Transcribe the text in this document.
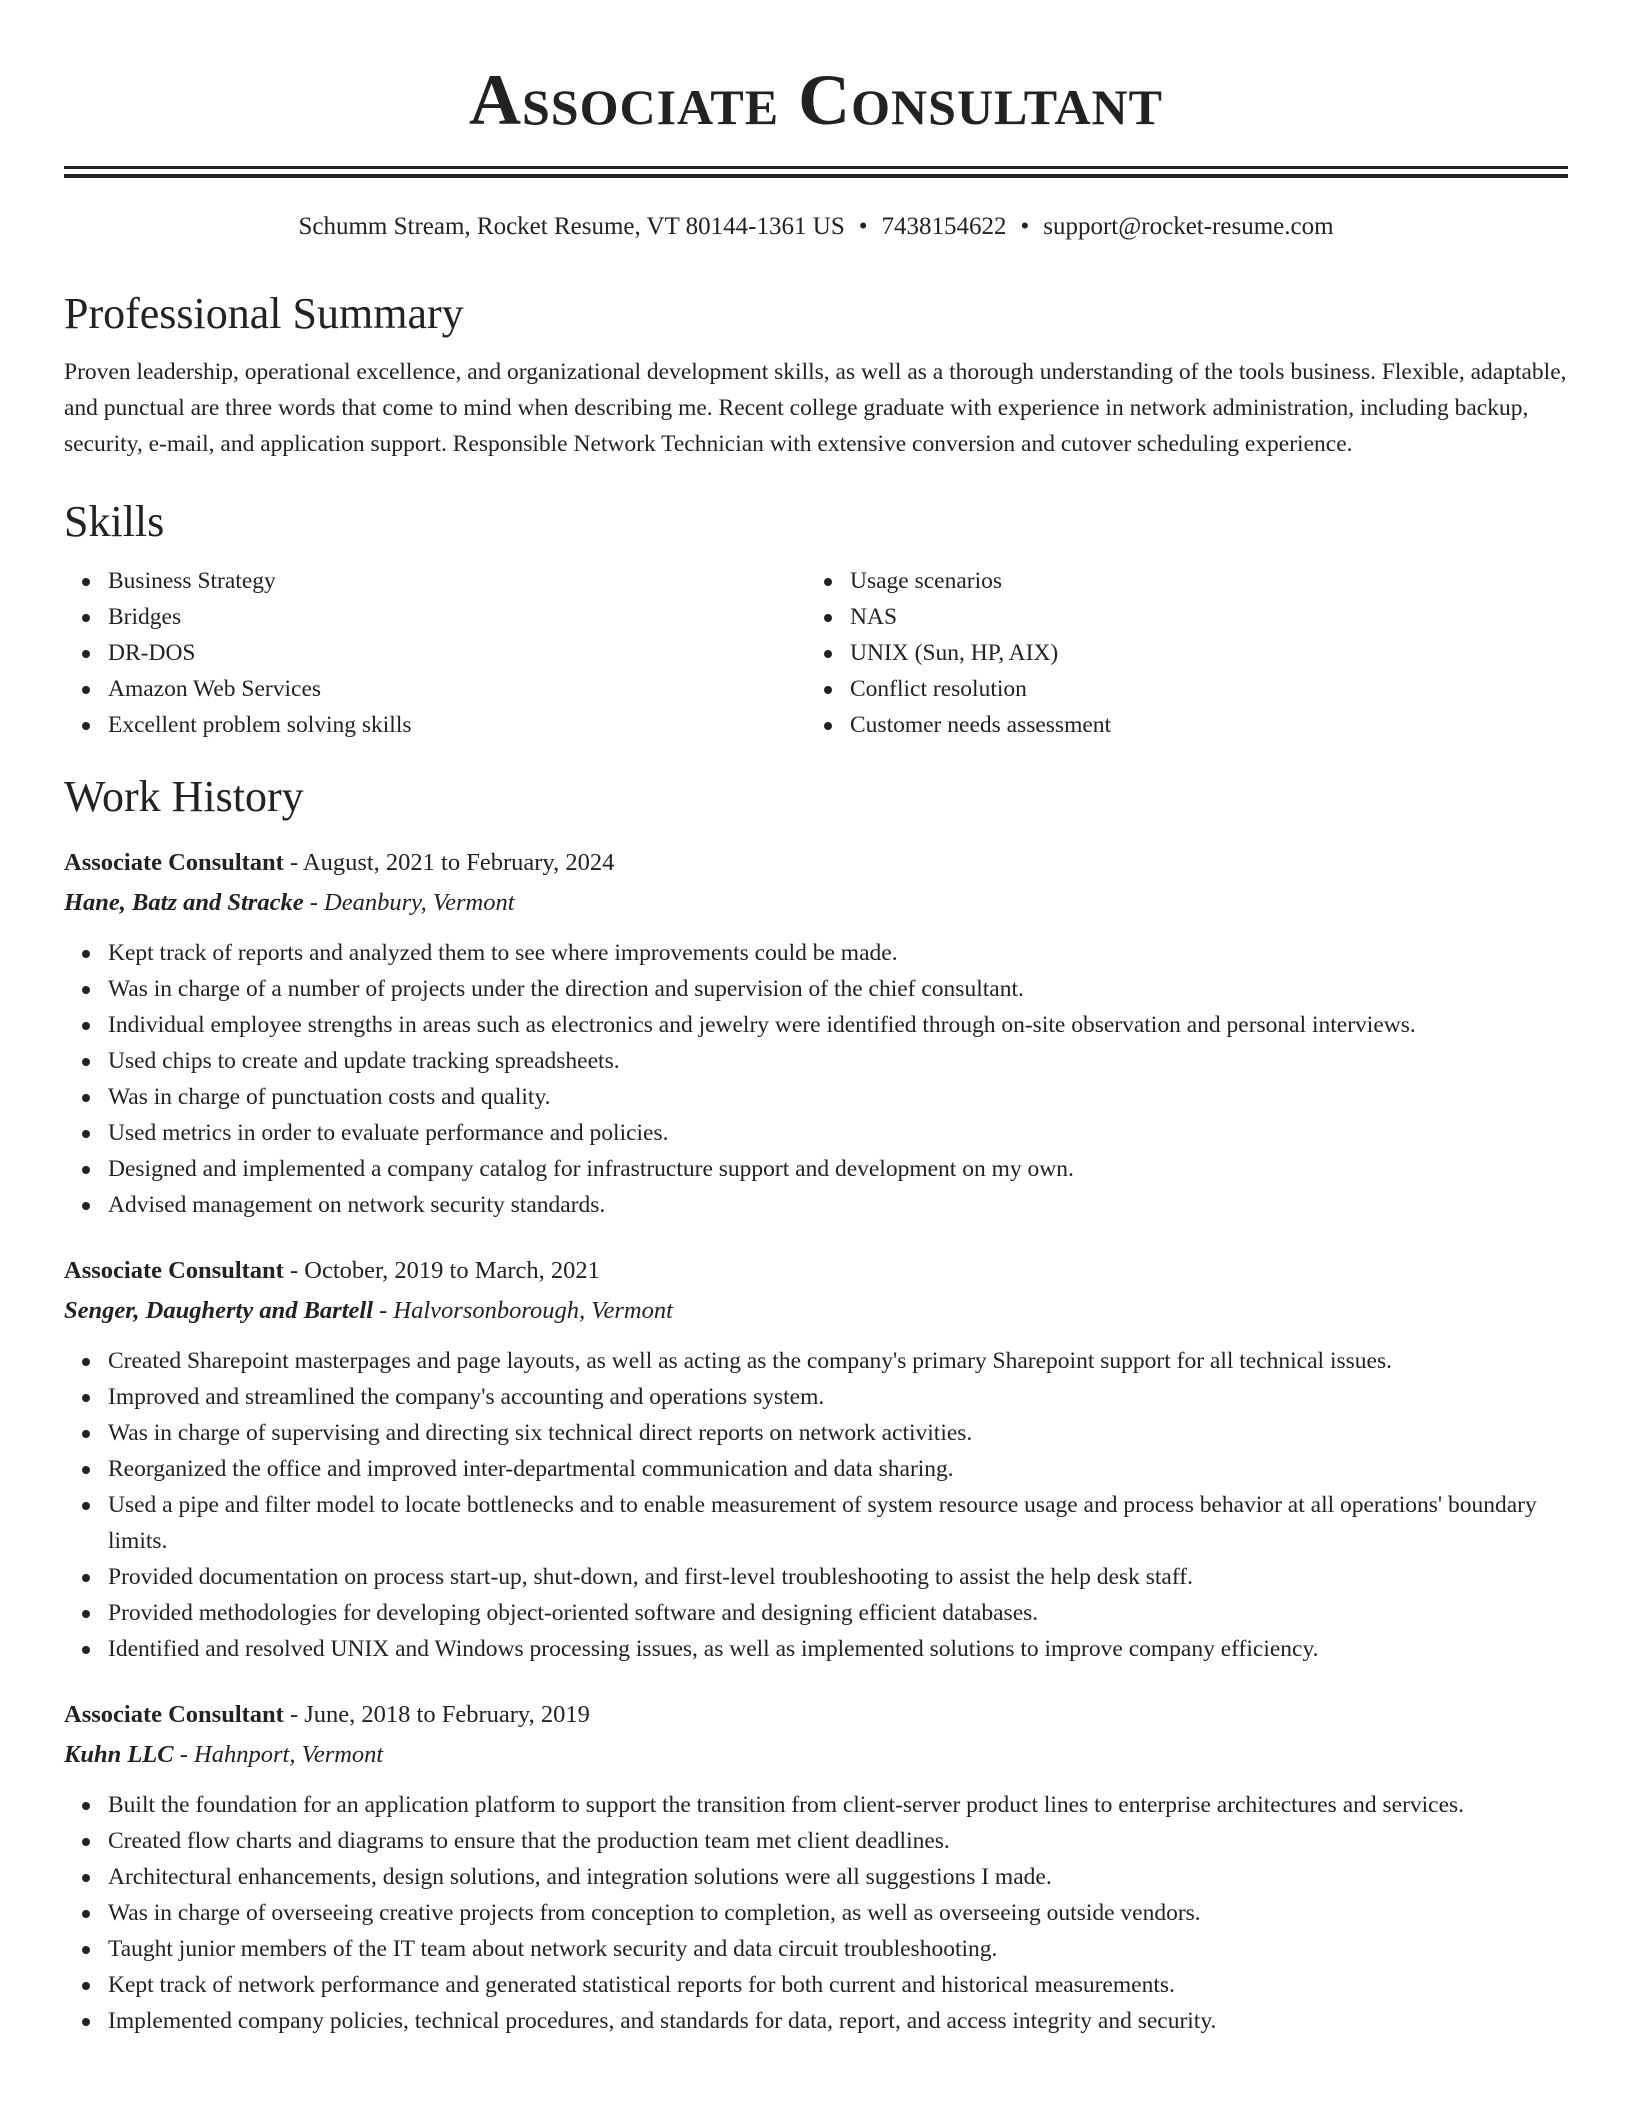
Associate Consultant
Schumm Stream, Rocket Resume, VT 80144-1361 US • 7438154622 • support@rocket-resume.com
Professional Summary

Proven leadership, operational excellence, and organizational development skills, as well as a thorough understanding of the tools business. Flexible, adaptable, and punctual are three words that come to mind when describing me. Recent college graduate with experience in network administration, including backup, security, e-mail, and application support. Responsible Network Technician with extensive conversion and cutover scheduling experience.

Skills
Business Strategy
Bridges
DR-DOS
Amazon Web Services
Excellent problem solving skills
Usage scenarios
NAS
UNIX (Sun, HP, AIX)
Conflict resolution
Customer needs assessment
Work History
Associate Consultant - August, 2021 to February, 2024
Hane, Batz and Stracke - Deanbury, Vermont
Kept track of reports and analyzed them to see where improvements could be made.
Was in charge of a number of projects under the direction and supervision of the chief consultant.
Individual employee strengths in areas such as electronics and jewelry were identified through on-site observation and personal interviews.
Used chips to create and update tracking spreadsheets.
Was in charge of punctuation costs and quality.
Used metrics in order to evaluate performance and policies.
Designed and implemented a company catalog for infrastructure support and development on my own.
Advised management on network security standards.
Associate Consultant - October, 2019 to March, 2021
Senger, Daugherty and Bartell - Halvorsonborough, Vermont
Created Sharepoint masterpages and page layouts, as well as acting as the company's primary Sharepoint support for all technical issues.
Improved and streamlined the company's accounting and operations system.
Was in charge of supervising and directing six technical direct reports on network activities.
Reorganized the office and improved inter-departmental communication and data sharing.
Used a pipe and filter model to locate bottlenecks and to enable measurement of system resource usage and process behavior at all operations' boundary limits.
Provided documentation on process start-up, shut-down, and first-level troubleshooting to assist the help desk staff.
Provided methodologies for developing object-oriented software and designing efficient databases.
Identified and resolved UNIX and Windows processing issues, as well as implemented solutions to improve company efficiency.
Associate Consultant - June, 2018 to February, 2019
Kuhn LLC - Hahnport, Vermont
Built the foundation for an application platform to support the transition from client-server product lines to enterprise architectures and services.
Created flow charts and diagrams to ensure that the production team met client deadlines.
Architectural enhancements, design solutions, and integration solutions were all suggestions I made.
Was in charge of overseeing creative projects from conception to completion, as well as overseeing outside vendors.
Taught junior members of the IT team about network security and data circuit troubleshooting.
Kept track of network performance and generated statistical reports for both current and historical measurements.
Implemented company policies, technical procedures, and standards for data, report, and access integrity and security.
